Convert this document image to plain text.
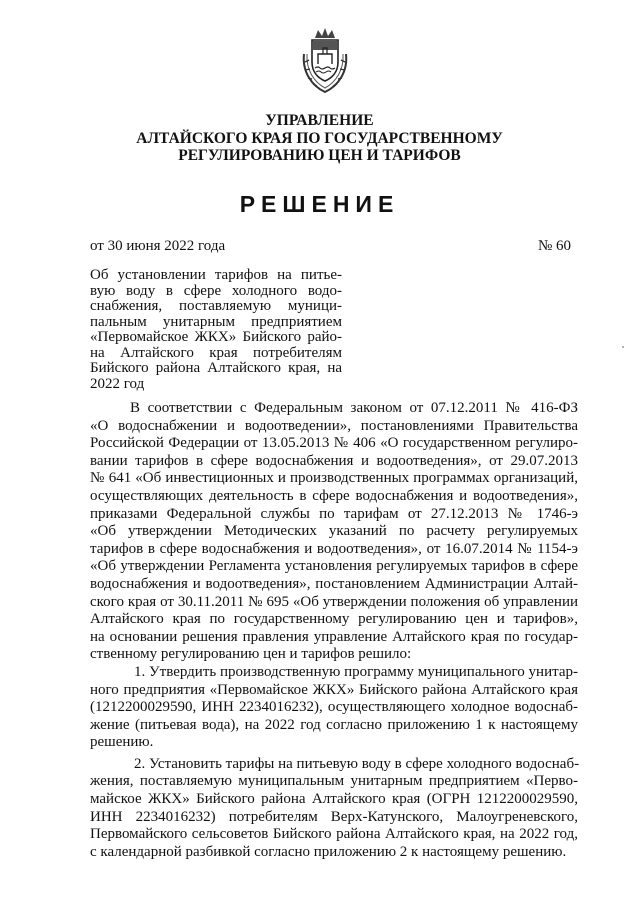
УПРАВЛЕНИЕ
АЛТАЙСКОГО КРАЯ ПО ГОСУДАРСТВЕННОМУ
РЕГУЛИРОВАНИЮ ЦЕН И ТАРИФОВ
РЕШЕНИЕ
от 30 июня 2022 года	№ 60
Об установлении тарифов на питье-
вую воду в сфере холодного водо-
снабжения, поставляемую муници-
пальным унитарным предприятием
«Первомайское ЖКХ» Бийского райо-
на Алтайского края потребителям
Бийского района Алтайского края, на
2022 год
В соответствии с Федеральным законом от 07.12.2011 № 416-ФЗ
«О водоснабжении и водоотведении», постановлениями Правительства
Российской Федерации от 13.05.2013 № 406 «О государственном регулиро-
вании тарифов в сфере водоснабжения и водоотведения», от 29.07.2013
№ 641 «Об инвестиционных и производственных программах организаций,
осуществляющих деятельность в сфере водоснабжения и водоотведения»,
приказами Федеральной службы по тарифам от 27.12.2013 № 1746-э
«Об утверждении Методических указаний по расчету регулируемых
тарифов в сфере водоснабжения и водоотведения», от 16.07.2014 № 1154-э
«Об утверждении Регламента установления регулируемых тарифов в сфере
водоснабжения и водоотведения», постановлением Администрации Алтай-
ского края от 30.11.2011 № 695 «Об утверждении положения об управлении
Алтайского края по государственному регулированию цен и тарифов»,
на основании решения правления управление Алтайского края по государ-
ственному регулированию цен и тарифов решило:
1. Утвердить производственную программу муниципального унитар-
ного предприятия «Первомайское ЖКХ» Бийского района Алтайского края
(1212200029590, ИНН 2234016232), осуществляющего холодное водоснаб-
жение (питьевая вода), на 2022 год согласно приложению 1 к настоящему
решению.
2. Установить тарифы на питьевую воду в сфере холодного водоснаб-
жения, поставляемую муниципальным унитарным предприятием «Перво-
майское ЖКХ» Бийского района Алтайского края (ОГРН 1212200029590,
ИНН 2234016232) потребителям Верх-Катунского, Малоугреневского,
Первомайского сельсоветов Бийского района Алтайского края, на 2022 год,
с календарной разбивкой согласно приложению 2 к настоящему решению.
